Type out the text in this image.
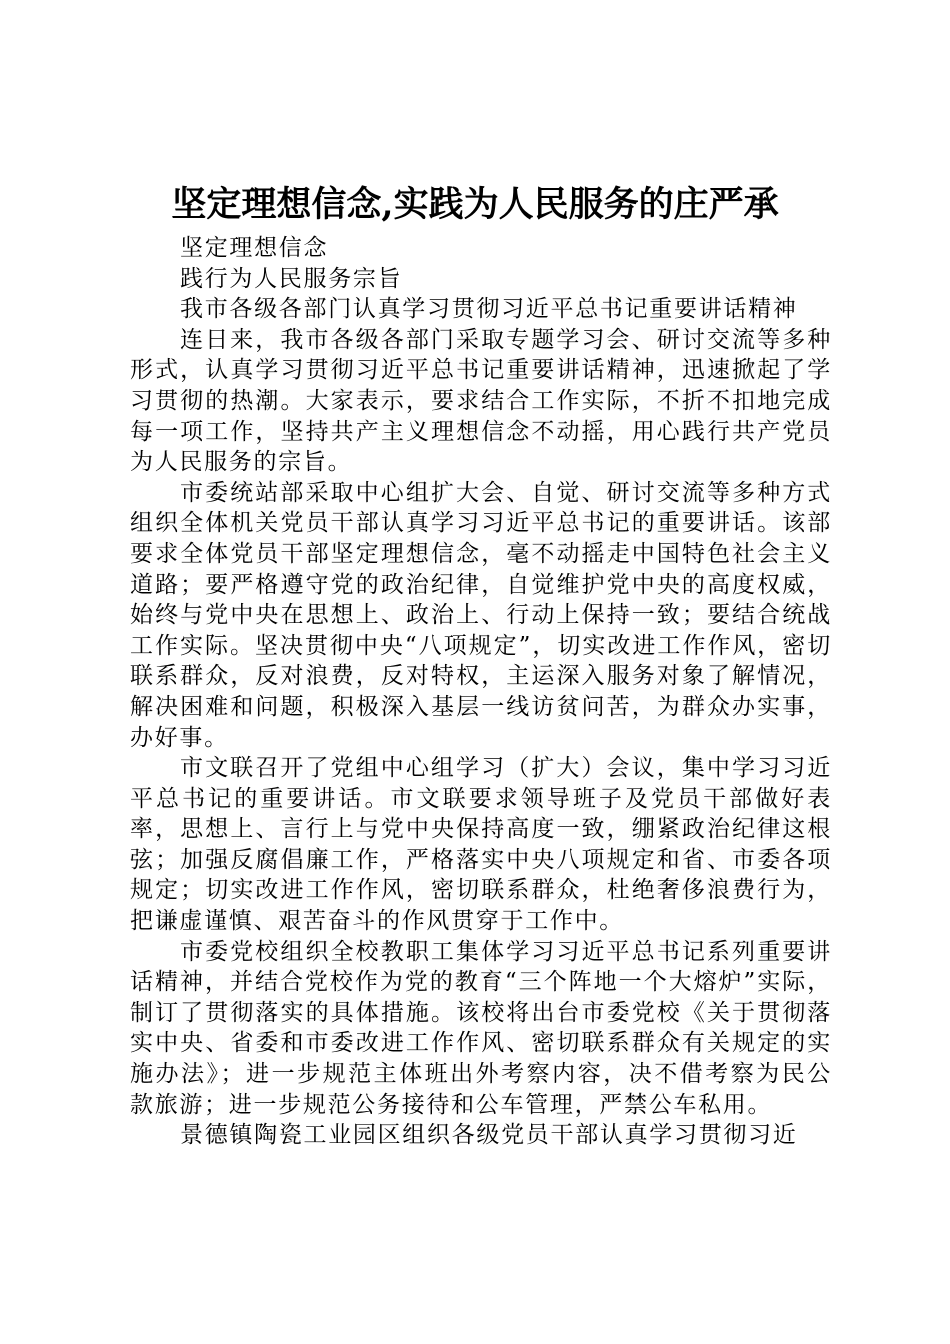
坚定理想信念,实践为人民服务的庄严承

坚定理想信念

践行为人民服务宗旨

我市各级各部门认真学习贯彻习近平总书记重要讲话精神

连日来，我市各级各部门采取专题学习会、研讨交流等多种形式，认真学习贯彻习近平总书记重要讲话精神，迅速掀起了学习贯彻的热潮。大家表示，要求结合工作实际，不折不扣地完成每一项工作，坚持共产主义理想信念不动摇，用心践行共产党员为人民服务的宗旨。

市委统站部采取中心组扩大会、自觉、研讨交流等多种方式组织全体机关党员干部认真学习习近平总书记的重要讲话。该部要求全体党员干部坚定理想信念，毫不动摇走中国特色社会主义道路；要严格遵守党的政治纪律，自觉维护党中央的高度权威，始终与党中央在思想上、政治上、行动上保持一致；要结合统战工作实际。坚决贯彻中央“八项规定”，切实改进工作作风，密切联系群众，反对浪费，反对特权，主运深入服务对象了解情况，解决困难和问题，积极深入基层一线访贫问苦，为群众办实事，办好事。

市文联召开了党组中心组学习（扩大）会议，集中学习习近平总书记的重要讲话。市文联要求领导班子及党员干部做好表率，思想上、言行上与党中央保持高度一致，绷紧政治纪律这根弦；加强反腐倡廉工作，严格落实中央八项规定和省、市委各项规定；切实改进工作作风，密切联系群众，杜绝奢侈浪费行为，把谦虚谨慎、艰苦奋斗的作风贯穿于工作中。

市委党校组织全校教职工集体学习习近平总书记系列重要讲话精神，并结合党校作为党的教育“三个阵地一个大熔炉”实际，制订了贯彻落实的具体措施。该校将出台市委党校《关于贯彻落实中央、省委和市委改进工作作风、密切联系群众有关规定的实施办法》；进一步规范主体班出外考察内容，决不借考察为民公款旅游；进一步规范公务接待和公车管理，严禁公车私用。

景德镇陶瓷工业园区组织各级党员干部认真学习贯彻习近
